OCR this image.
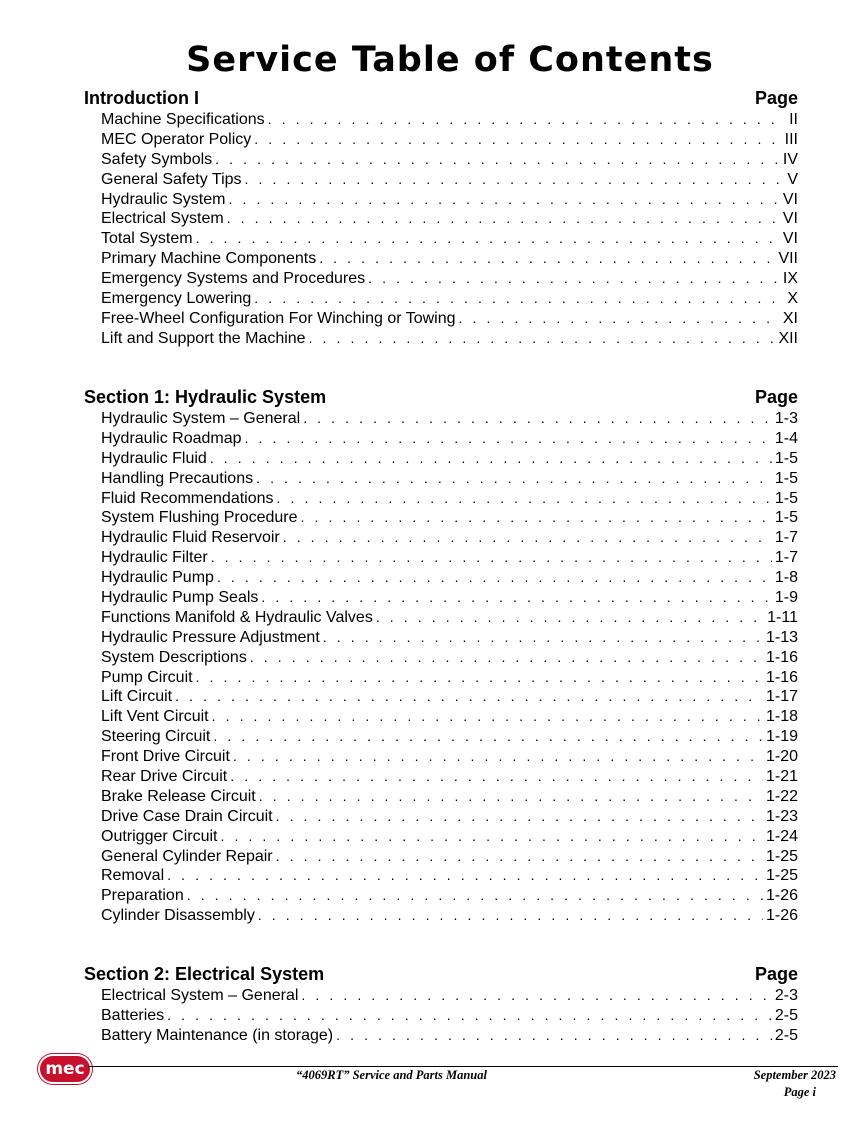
Service Table of Contents
Introduction I	Page
Machine Specifications . . .	II
MEC Operator Policy . . .	III
Safety Symbols . . .	IV
General Safety Tips . . .	V
Hydraulic System . . .	VI
Electrical System . . .	VI
Total System . . .	VI
Primary Machine Components . . .	VII
Emergency Systems and Procedures . . .	IX
Emergency Lowering . . .	X
Free-Wheel Configuration For Winching or Towing . . .	XI
Lift and Support the Machine . . .	XII
Section 1: Hydraulic System	Page
Hydraulic System – General . . .	1-3
Hydraulic Roadmap . . .	1-4
Hydraulic Fluid . . .	1-5
Handling Precautions . . .	1-5
Fluid Recommendations . . .	1-5
System Flushing Procedure . . .	1-5
Hydraulic Fluid Reservoir . . .	1-7
Hydraulic Filter . . .	1-7
Hydraulic Pump . . .	1-8
Hydraulic Pump Seals . . .	1-9
Functions Manifold & Hydraulic Valves . . .	1-11
Hydraulic Pressure Adjustment . . .	1-13
System Descriptions . . .	1-16
Pump Circuit . . .	1-16
Lift Circuit . . .	1-17
Lift Vent Circuit . . .	1-18
Steering Circuit . . .	1-19
Front Drive Circuit . . .	1-20
Rear Drive Circuit . . .	1-21
Brake Release Circuit . . .	1-22
Drive Case Drain Circuit . . .	1-23
Outrigger Circuit . . .	1-24
General Cylinder Repair . . .	1-25
Removal . . .	1-25
Preparation . . .	1-26
Cylinder Disassembly . . .	1-26
Section 2: Electrical System	Page
Electrical System – General . . .	2-3
Batteries . . .	2-5
Battery Maintenance (in storage) . . .	2-5
mec	“4069RT” Service and Parts Manual	September 2023
Page i
